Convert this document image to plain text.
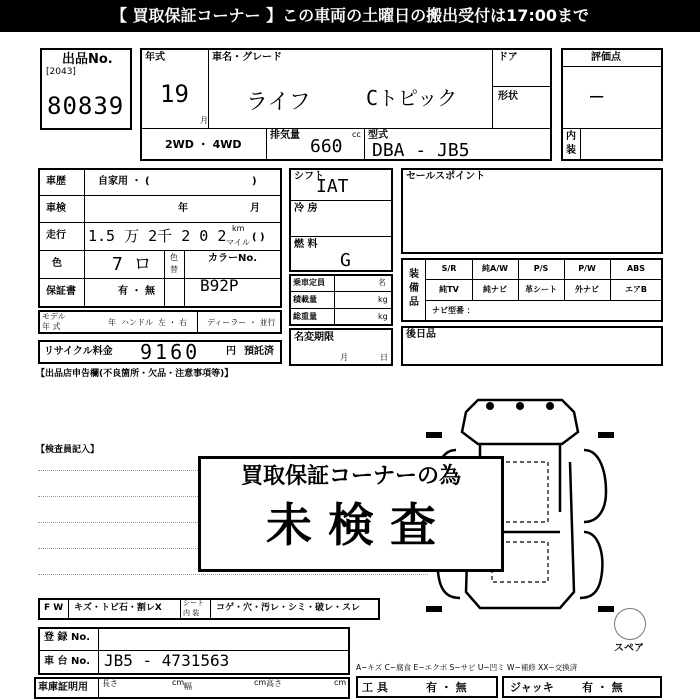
【 買取保証コーナー 】この車両の土曜日の搬出受付は17:00まで
出品No.
[2043]
80839
年式
19
月
車名・グレード
ライフ	Cトピック
ドア
形状
2WD ・ 4WD
排気量
660
cc 型式
DBA - JB5
評価点
—
内
装
車歴	自家用 ・ (	)
車検	年	月
走行 1.5 万 2千 2 0 2 km
マイル ( )
色	7 ロ 色
替
カラーNo.
B92P
保証書	有 ・ 無
モデル
年 式	年 ハンドル 左 ・ 右 ディーラー ・ 並行
リサイクル料金 9160	円 預託済
シフト
IAT
冷 房
燃 料
G
乗車定員	名
積載量	kg
総重量	kg
名変期限
月	日
セールスポイント
装備品
S/R	純A/W	P/S	P/W	ABS
純TV	純ナビ	革シート	外ナビ	エアB
ナビ型番 ：
後日品
【出品店申告欄(不良箇所・欠品・注意事項等)】
【検査員記入】
スペア
買取保証コーナーの為
未 検 査
F W キズ・トビ石・割レX	シート
内 装 コゲ・穴・汚レ・シミ・破レ・スレ
登 録 No.
車 台 No. JB5 - 4731563
車庫証明用 長さ	cm 幅	cm 高さ	cm
A−キズ C−腐食 E−エクボ S−サビ U−凹ミ W−補修 XX−交換済
工 具	有 ・ 無	ジャッキ	有 ・ 無
